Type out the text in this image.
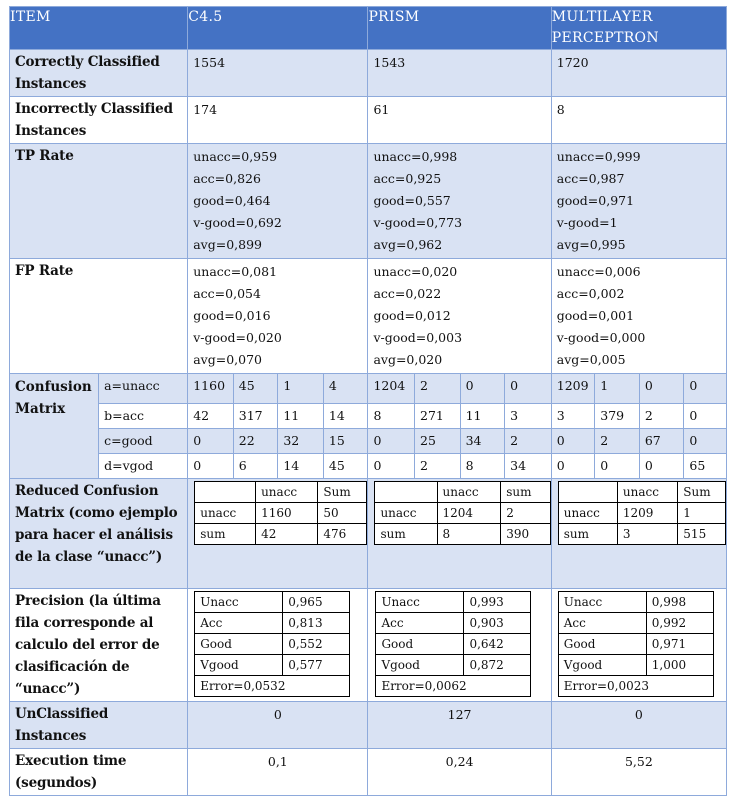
ITEM	C4.5	PRISM	MULTILAYER
PERCEPTRON
Correctly Classified Instances	1554	1543	1720
Incorrectly Classified Instances	174	61	8
TP Rate	unacc=0,959
acc=0,826
good=0,464
v-good=0,692
avg=0,899	unacc=0,998
acc=0,925
good=0,557
v-good=0,773
avg=0,962	unacc=0,999
acc=0,987
good=0,971
v-good=1
avg=0,995
FP Rate	unacc=0,081
acc=0,054
good=0,016
v-good=0,020
avg=0,070	unacc=0,020
acc=0,022
good=0,012
v-good=0,003
avg=0,020	unacc=0,006
acc=0,002
good=0,001
v-good=0,000
avg=0,005
Confusion Matrix	a=unacc	1160	45	1	4	1204	2	0	0	1209	1	0	0
b=acc	42	317	11	14	8	271	11	3	3	379	2	0
c=good	0	22	32	15	0	25	34	2	0	2	67	0
d=vgod	0	6	14	45	0	2	8	34	0	0	0	65
Reduced Confusion Matrix (como ejemplo para hacer el análisis de la clase “unacc”)	
	unacc	Sum
unacc	1160	50
sum	42	476

	unacc	sum
unacc	1204	2
sum	8	390

	unacc	Sum
unacc	1209	1
sum	3	515

Precision (la última fila corresponde al calculo del error de clasificación de “unacc”)	
Unacc	0,965
Acc	0,813
Good	0,552
Vgood	0,577
Error=0,0532

Unacc	0,993
Acc	0,903
Good	0,642
Vgood	0,872
Error=0,0062

Unacc	0,998
Acc	0,992
Good	0,971
Vgood	1,000
Error=0,0023

UnClassified Instances	0	127	0
Execution time (segundos)	0,1	0,24	5,52
